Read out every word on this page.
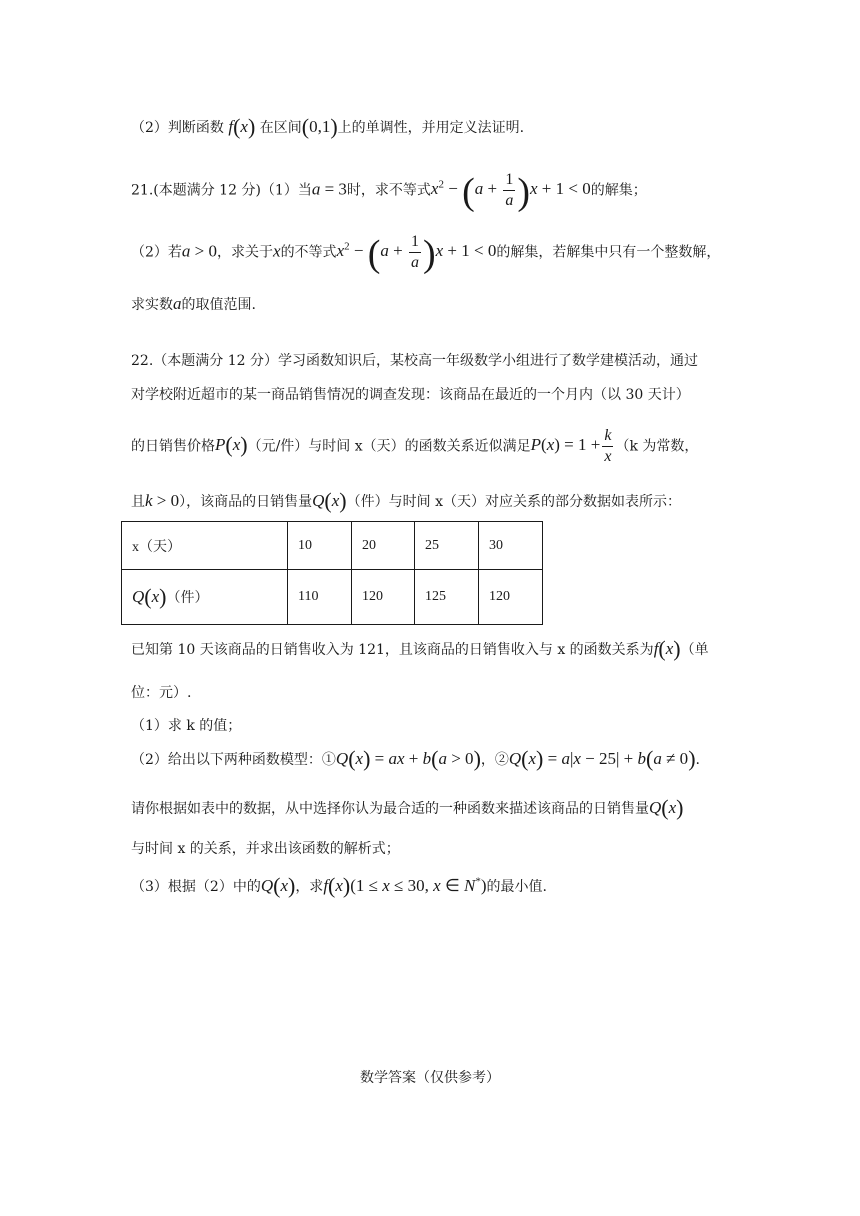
（2）判断函数 f(x) 在区间(0,1)上的单调性，并用定义法证明.
21.(本题满分 12 分)（1）当a = 3时，求不等式$x^2 - (a + \frac{1}{a} )x + 1 < 0$的解集；
（2）若a > 0，求关于x的不等式$x^2 - (a + \frac{1}{a} )x + 1 < 0$的解集，若解集中只有一个整数解，
求实数a的取值范围.
22.（本题满分 12 分）学习函数知识后，某校高一年级数学小组进行了数学建模活动，通过
对学校附近超市的某一商品销售情况的调查发现：该商品在最近的一个月内（以 30 天计）
的日销售价格P(x)（元/件）与时间 x（天）的函数关系近似满足$P(x) = 1 + \frac{k}{x} (k$ 为常数，
且k > 0），该商品的日销售量Q(x)（件）与时间 x（天）对应关系的部分数据如表所示：
x（天）	10	20	25	30
Q(x)（件）	110	120	125	120
已知第 10 天该商品的日销售收入为 121，且该商品的日销售收入与 x 的函数关系为f(x)（单
位：元）.
（1）求 k 的值；
（2）给出以下两种函数模型：①Q(x) = ax + b(a > 0)，②Q(x) = a|x − 25| + b(a ≠ 0).
请你根据如表中的数据，从中选择你认为最合适的一种函数来描述该商品的日销售量Q(x)
与时间 x 的关系，并求出该函数的解析式；
（3）根据（2）中的Q(x)，求f(x)(1 ≤ x ≤ 30, x ∈ N*)的最小值.
数学答案（仅供参考）
